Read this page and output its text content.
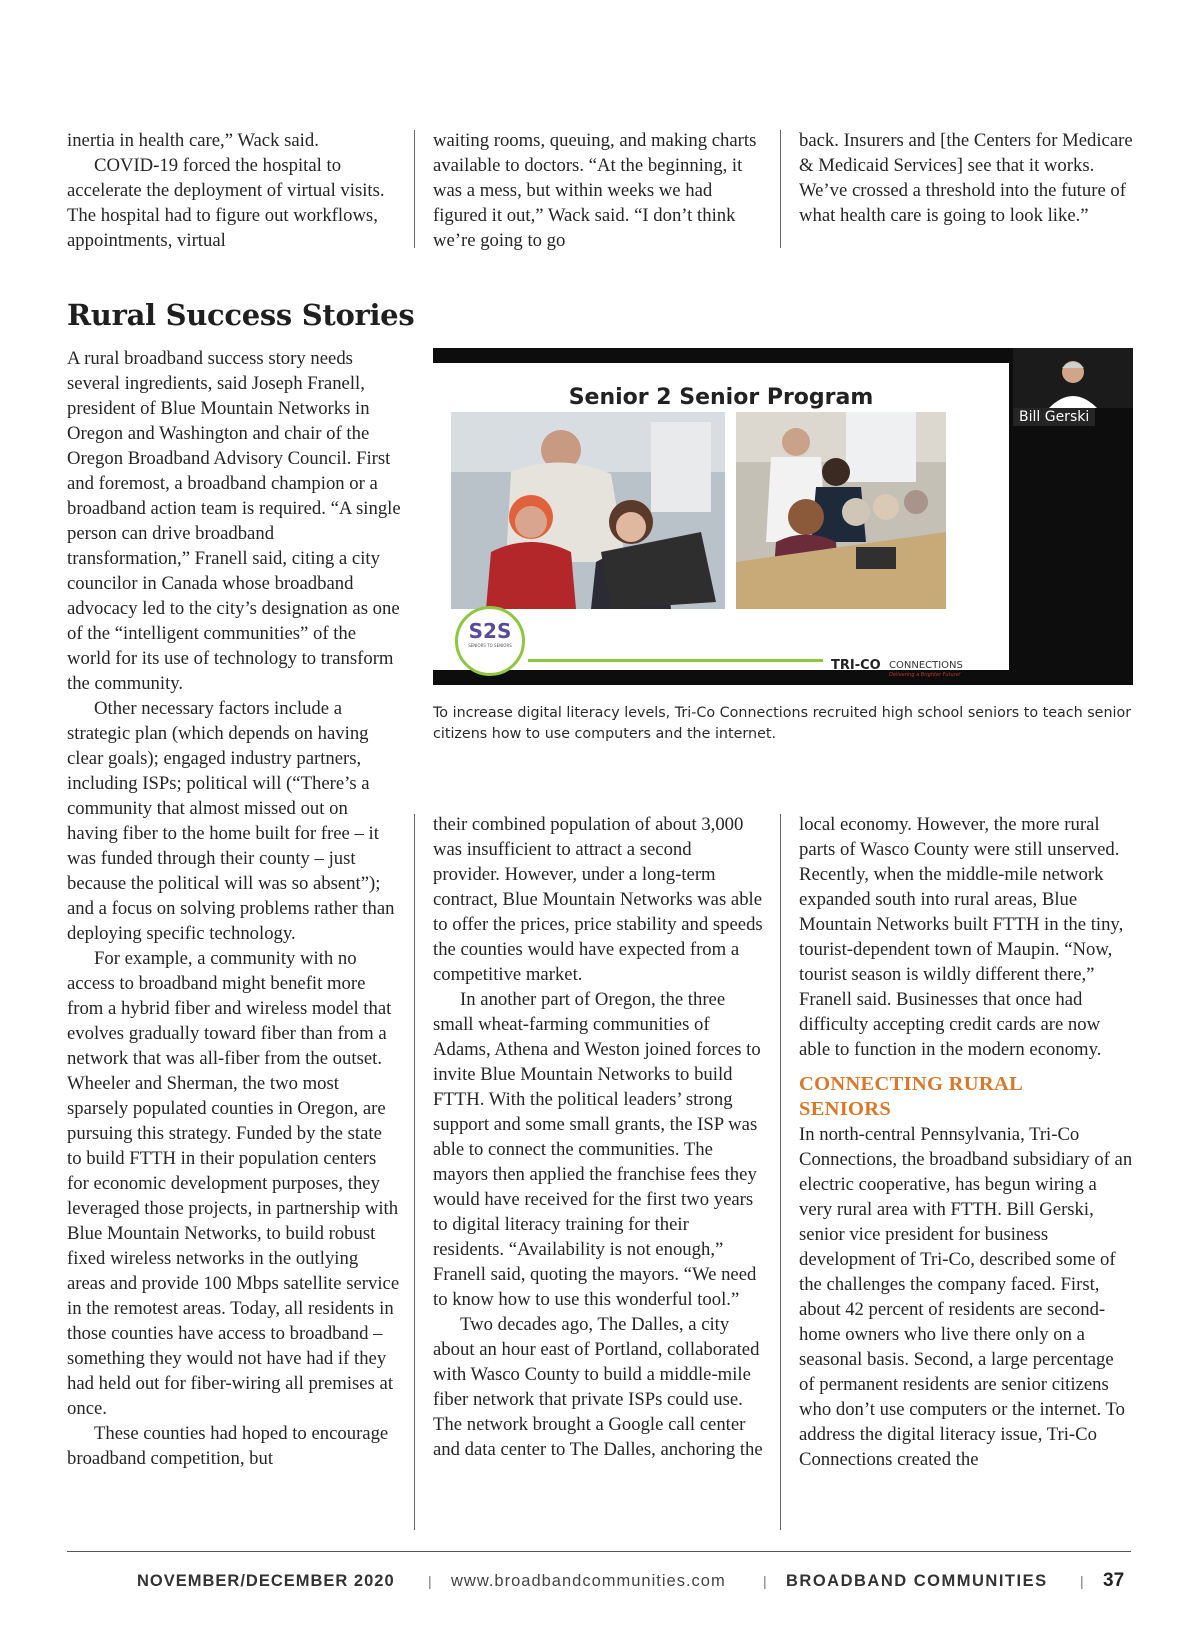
inertia in health care,” Wack said.

COVID-19 forced the hospital to accelerate the deployment of virtual visits. The hospital had to figure out workflows, appointments, virtual

waiting rooms, queuing, and making charts available to doctors. “At the beginning, it was a mess, but within weeks we had figured it out,” Wack said. “I don’t think we’re going to go

back. Insurers and [the Centers for Medicare & Medicaid Services] see that it works. We’ve crossed a threshold into the future of what health care is going to look like.”

Rural Success Stories

A rural broadband success story needs several ingredients, said Joseph Franell, president of Blue Mountain Networks in Oregon and Washington and chair of the Oregon Broadband Advisory Council. First and foremost, a broadband champion or a broadband action team is required. “A single person can drive broadband transformation,” Franell said, citing a city councilor in Canada whose broadband advocacy led to the city’s designation as one of the “intelligent communities” of the world for its use of technology to transform the community.

Other necessary factors include a strategic plan (which depends on having clear goals); engaged industry partners, including ISPs; political will (“There’s a community that almost missed out on having fiber to the home built for free – it was funded through their county – just because the political will was so absent”); and a focus on solving problems rather than deploying specific technology.

For example, a community with no access to broadband might benefit more from a hybrid fiber and wireless model that evolves gradually toward fiber than from a network that was all-fiber from the outset. Wheeler and Sherman, the two most sparsely populated counties in Oregon, are pursuing this strategy. Funded by the state to build FTTH in their population centers for economic development purposes, they leveraged those projects, in partnership with Blue Mountain Networks, to build robust fixed wireless networks in the outlying areas and provide 100 Mbps satellite service in the remotest areas. Today, all residents in those counties have access to broadband – something they would not have had if they had held out for fiber-wiring all premises at once.

These counties had hoped to encourage broadband competition, but

Senior 2 Senior Program
S2S
SENIORS TO SENIORS
TRI-CO CONNECTIONS
Delivering a Brighter Future!
Bill Gerski
To increase digital literacy levels, Tri-Co Connections recruited high school seniors to teach senior citizens how to use computers and the internet.

their combined population of about 3,000 was insufficient to attract a second provider. However, under a long-term contract, Blue Mountain Networks was able to offer the prices, price stability and speeds the counties would have expected from a competitive market.

In another part of Oregon, the three small wheat-farming communities of Adams, Athena and Weston joined forces to invite Blue Mountain Networks to build FTTH. With the political leaders’ strong support and some small grants, the ISP was able to connect the communities. The mayors then applied the franchise fees they would have received for the first two years to digital literacy training for their residents. “Availability is not enough,” Franell said, quoting the mayors. “We need to know how to use this wonderful tool.”

Two decades ago, The Dalles, a city about an hour east of Portland, collaborated with Wasco County to build a middle-mile fiber network that private ISPs could use. The network brought a Google call center and data center to The Dalles, anchoring the

local economy. However, the more rural parts of Wasco County were still unserved. Recently, when the middle-mile network expanded south into rural areas, Blue Mountain Networks built FTTH in the tiny, tourist-dependent town of Maupin. “Now, tourist season is wildly different there,” Franell said. Businesses that once had difficulty accepting credit cards are now able to function in the modern economy.

CONNECTING RURAL
SENIORS

In north-central Pennsylvania, Tri-Co Connections, the broadband subsidiary of an electric cooperative, has begun wiring a very rural area with FTTH. Bill Gerski, senior vice president for business development of Tri-Co, described some of the challenges the company faced. First, about 42 percent of residents are second-home owners who live there only on a seasonal basis. Second, a large percentage of permanent residents are senior citizens who don’t use computers or the internet. To address the digital literacy issue, Tri-Co Connections created the

NOVEMBER/DECEMBER 2020 | www.broadbandcommunities.com	| BROADBAND COMMUNITIES | 37
